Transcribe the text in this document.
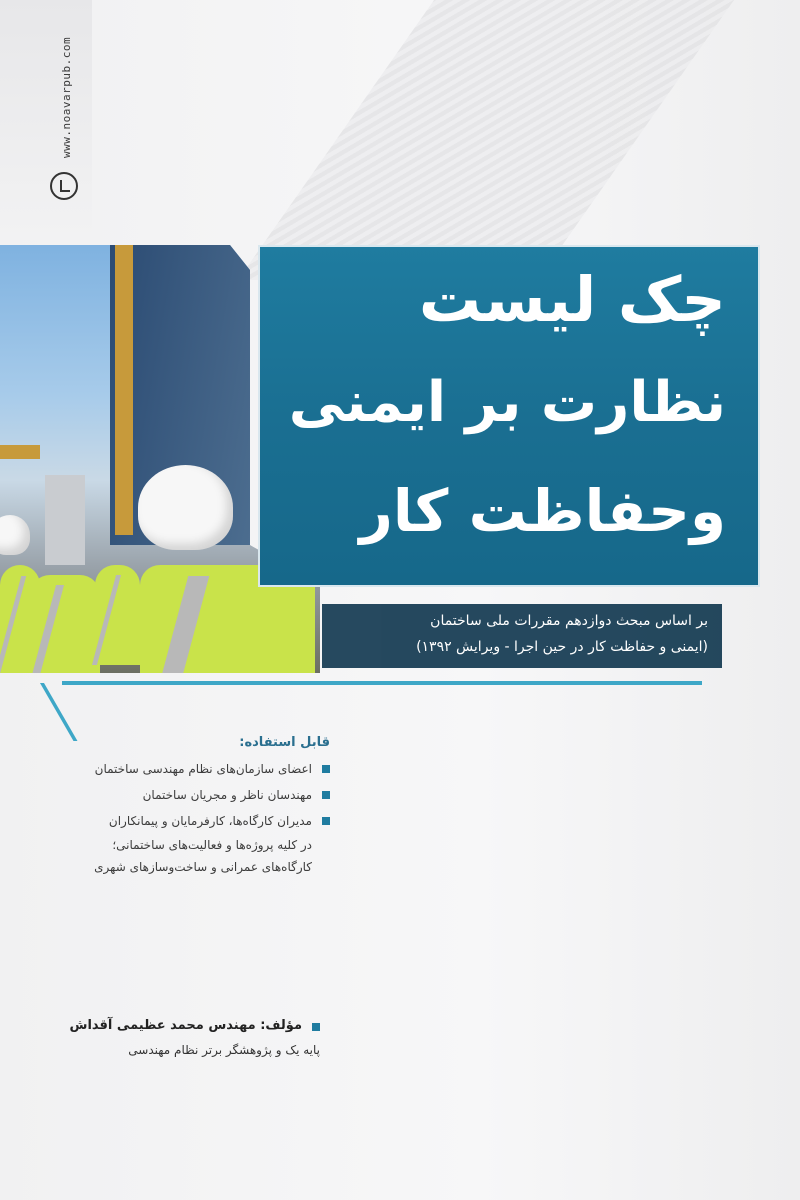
www.noavarpub.com
چک لیست
نظارت بر ایمنی
وحفاظت کار
بر اساس مبحث دوازدهم مقررات ملی ساختمان
(ایمنی و حفاظت کار در حین اجرا - ویرایش ۱۳۹۲)
قابل استفاده:
اعضای سازمان‌های نظام مهندسی ساختمان
مهندسان ناظر و مجریان ساختمان
مدیران کارگاه‌ها، کارفرمایان و پیمانکاران
در کلیه پروژه‌ها و فعالیت‌های ساختمانی؛
کارگاه‌های عمرانی و ساخت‌وسازهای شهری
مؤلف: مهندس محمد عظیمی آقداش
پایه یک و پژوهشگر برتر نظام مهندسی
